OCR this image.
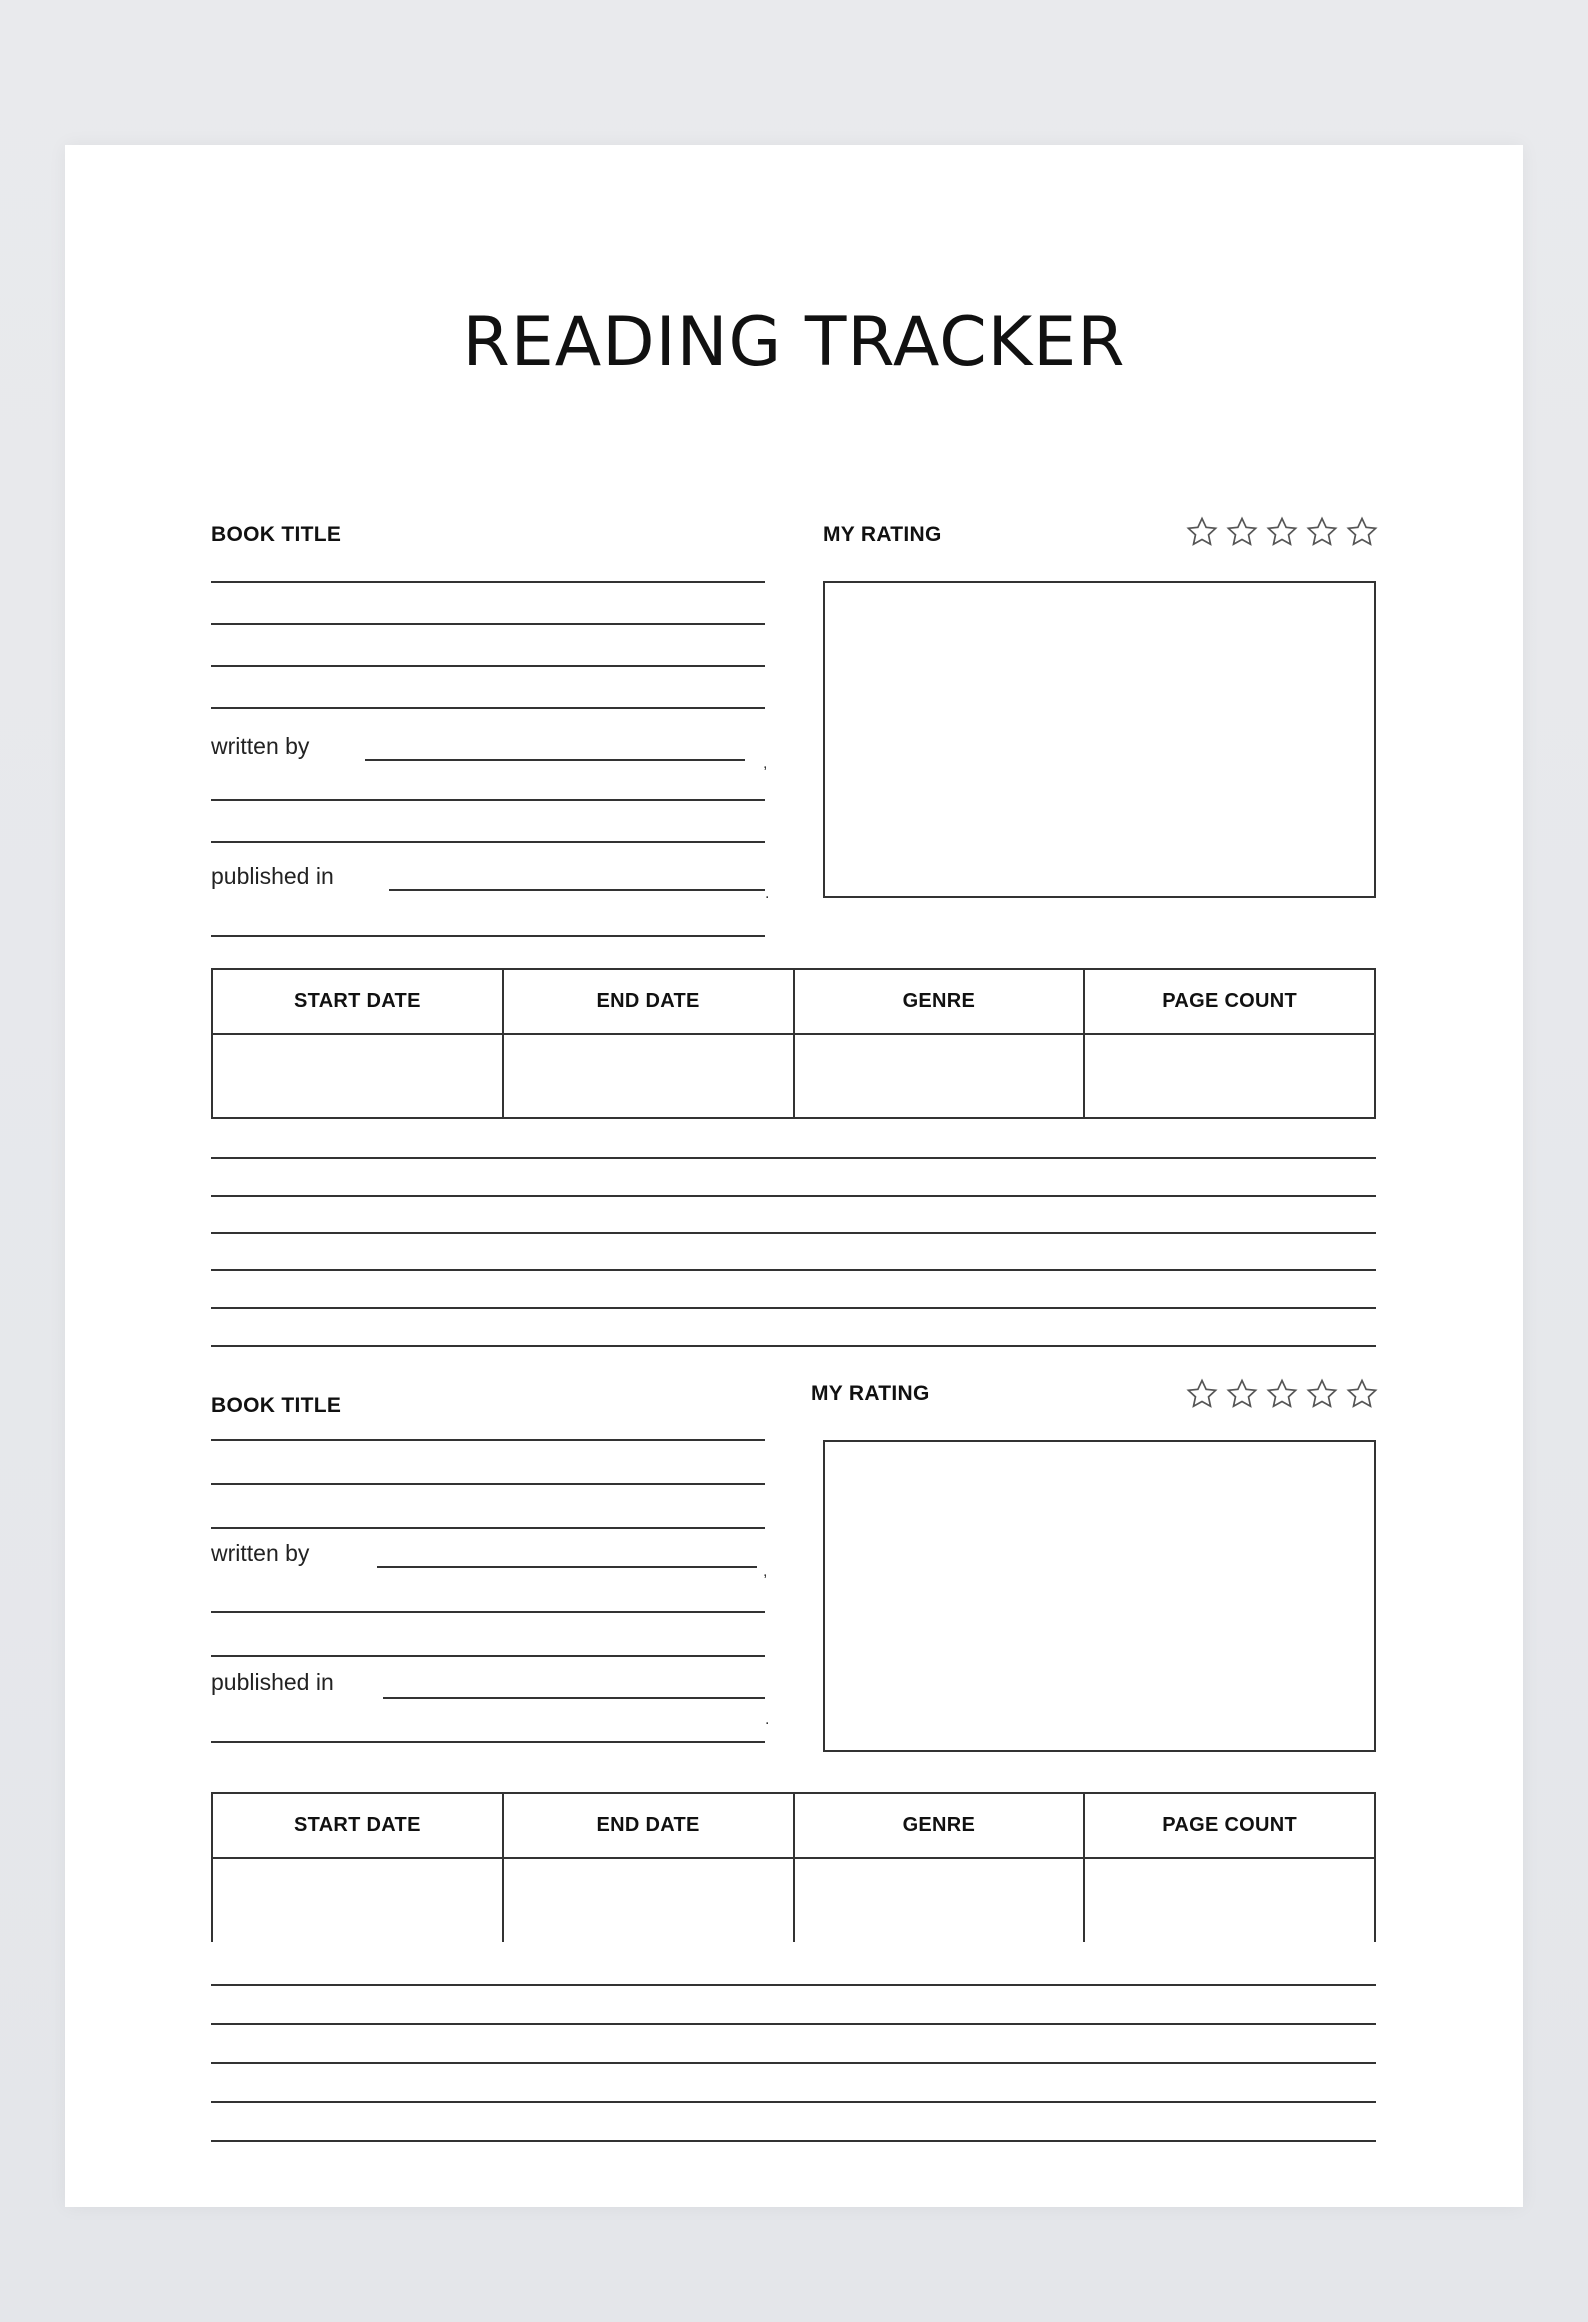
READING TRACKER
BOOK TITLE	MY RATING
written by
,
published in
.
START DATE	END DATE	GENRE	PAGE COUNT

BOOK TITLE
MY RATING
written by
,
published in
.
START DATE	END DATE	GENRE	PAGE COUNT
